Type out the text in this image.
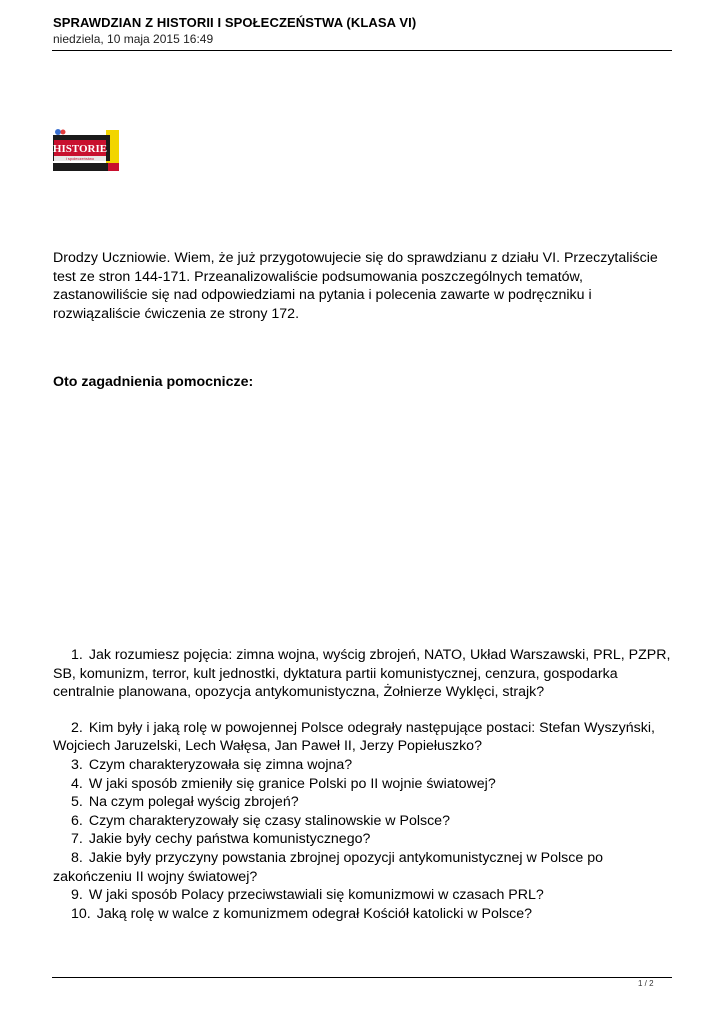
SPRAWDZIAN Z HISTORII I SPOŁECZEŃSTWA (KLASA VI)
niedziela, 10 maja 2015 16:49
HISTORIE
i społeczeństwo
Drodzy Uczniowie. Wiem, że już przygotowujecie się do sprawdzianu z działu VI. Przeczytaliście test ze stron 144-171. Przeanalizowaliście podsumowania poszczególnych tematów, zastanowiliście się nad odpowiedziami na pytania i polecenia zawarte w podręczniku i rozwiązaliście ćwiczenia ze strony 172.
Oto zagadnienia pomocnicze:

1. Jak rozumiesz pojęcia: zimna wojna, wyścig zbrojeń, NATO, Układ Warszawski, PRL, PZPR, SB, komunizm, terror, kult jednostki, dyktatura partii komunistycznej, cenzura, gospodarka centralnie planowana, opozycja antykomunistyczna, Żołnierze Wyklęci, strajk?

2. Kim były i jaką rolę w powojennej Polsce odegrały następujące postaci: Stefan Wyszyński, Wojciech Jaruzelski, Lech Wałęsa, Jan Paweł II, Jerzy Popiełuszko?

3. Czym charakteryzowała się zimna wojna?

4. W jaki sposób zmieniły się granice Polski po II wojnie światowej?

5. Na czym polegał wyścig zbrojeń?

6. Czym charakteryzowały się czasy stalinowskie w Polsce?

7. Jakie były cechy państwa komunistycznego?

8. Jakie były przyczyny powstania zbrojnej opozycji antykomunistycznej w Polsce po zakończeniu II wojny światowej?

9. W jaki sposób Polacy przeciwstawiali się komunizmowi w czasach PRL?

10. Jaką rolę w walce z komunizmem odegrał Kościół katolicki w Polsce?

1 / 2
